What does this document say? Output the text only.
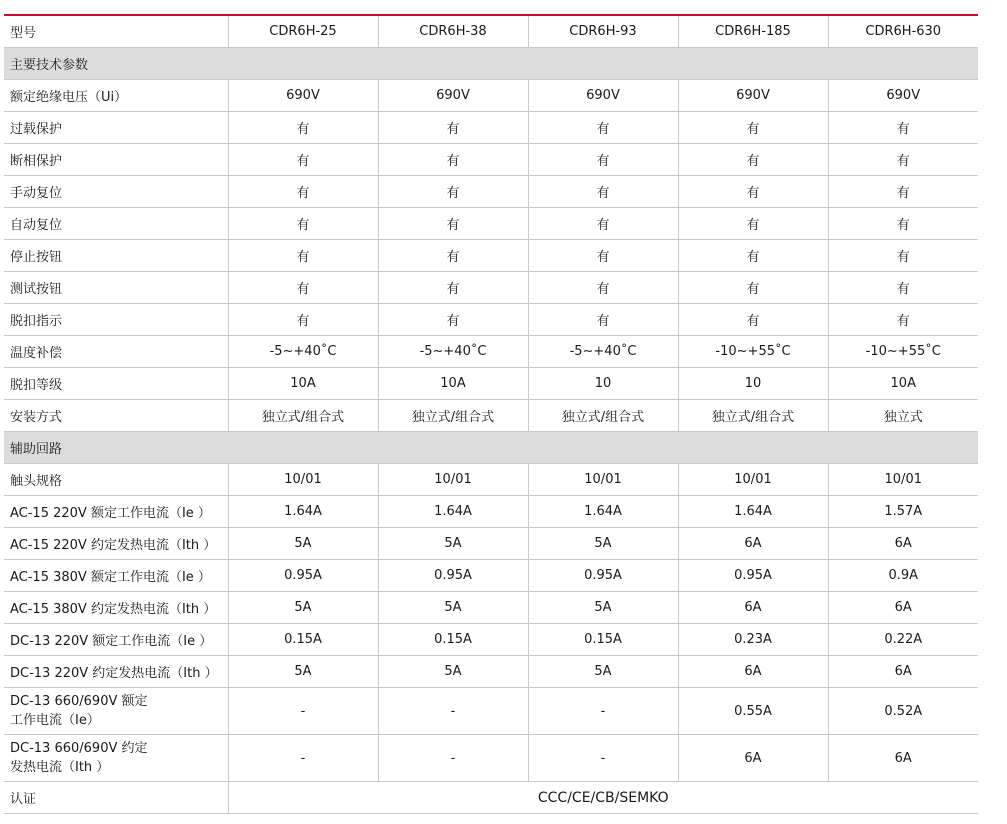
型号	CDR6H-25	CDR6H-38	CDR6H-93	CDR6H-185	CDR6H-630
主要技术参数					
额定绝缘电压（Ui）	690V	690V	690V	690V	690V
过载保护	有	有	有	有	有
断相保护	有	有	有	有	有
手动复位	有	有	有	有	有
自动复位	有	有	有	有	有
停止按钮	有	有	有	有	有
测试按钮	有	有	有	有	有
脱扣指示	有	有	有	有	有
温度补偿	-5~+40˚C	-5~+40˚C	-5~+40˚C	-10~+55˚C	-10~+55˚C
脱扣等级	10A	10A	10	10	10A
安装方式	独立式/组合式	独立式/组合式	独立式/组合式	独立式/组合式	独立式
辅助回路					
触头规格	10/01	10/01	10/01	10/01	10/01
AC-15 220V 额定工作电流（Ie ）	1.64A	1.64A	1.64A	1.64A	1.57A
AC-15 220V 约定发热电流（Ith ）	5A	5A	5A	6A	6A
AC-15 380V 额定工作电流（Ie ）	0.95A	0.95A	0.95A	0.95A	0.9A
AC-15 380V 约定发热电流（Ith ）	5A	5A	5A	6A	6A
DC-13 220V 额定工作电流（Ie ）	0.15A	0.15A	0.15A	0.23A	0.22A
DC-13 220V 约定发热电流（Ith ）	5A	5A	5A	6A	6A

DC-13 660/690V 额定
工作电流（Ie）	-	-	-	0.55A	0.52A

DC-13 660/690V 约定
发热电流（Ith ）	-	-	-	6A	6A
认证	CCC/CE/CB/SEMKO				
